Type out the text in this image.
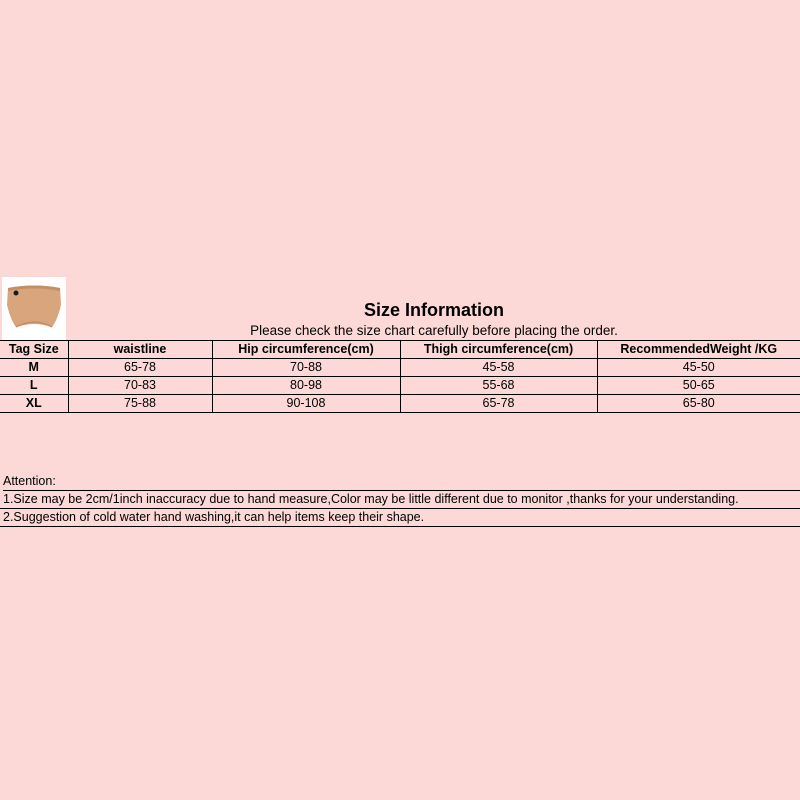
Size Information
Please check the size chart carefully before placing the order.
Tag Size	waistline	Hip circumference(cm)	Thigh circumference(cm)	RecommendedWeight /KG
M	65-78	70-88	45-58	45-50
L	70-83	80-98	55-68	50-65
XL	75-88	90-108	65-78	65-80
Attention:
1.Size may be 2cm/1inch inaccuracy due to hand measure,Color may be little different due to monitor ,thanks for your understanding.
2.Suggestion of cold water hand washing,it can help items keep their shape.
